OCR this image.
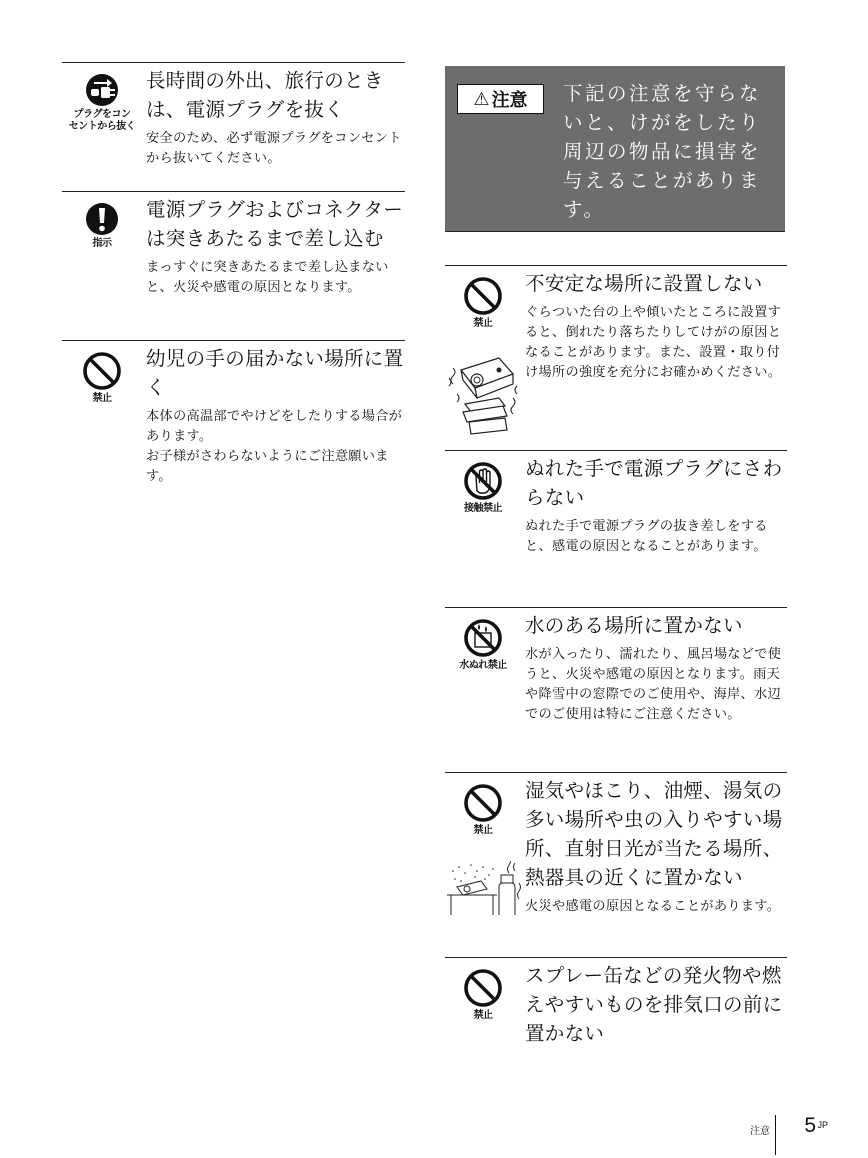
プラグをコン
セントから抜く
長時間の外出、旅行のときは、電源プラグを抜く

安全のため、必ず電源プラグをコンセントから抜いてください。

指示
電源プラグおよびコネクターは突きあたるまで差し込む

まっすぐに突きあたるまで差し込まないと、火災や感電の原因となります。

禁止
幼児の手の届かない場所に置く

本体の高温部でやけどをしたりする場合があります。

お子様がさわらないようにご注意願います。

⚠ 注意 下記の注意を守らないと、けがをしたり周辺の物品に損害を与えることがあります。
禁止
不安定な場所に設置しない

ぐらついた台の上や傾いたところに設置すると、倒れたり落ちたりしてけがの原因となることがあります。また、設置・取り付け場所の強度を充分にお確かめください。

接触禁止
ぬれた手で電源プラグにさわらない

ぬれた手で電源プラグの抜き差しをすると、感電の原因となることがあります。

水ぬれ禁止
水のある場所に置かない

水が入ったり、濡れたり、風呂場などで使うと、火災や感電の原因となります。雨天や降雪中の窓際でのご使用や、海岸、水辺でのご使用は特にご注意ください。

禁止
湿気やほこり、油煙、湯気の多い場所や虫の入りやすい場所、直射日光が当たる場所、熱器具の近くに置かない

火災や感電の原因となることがあります。

禁止
スプレー缶などの発火物や燃えやすいものを排気口の前に置かない
注意 5 JP
